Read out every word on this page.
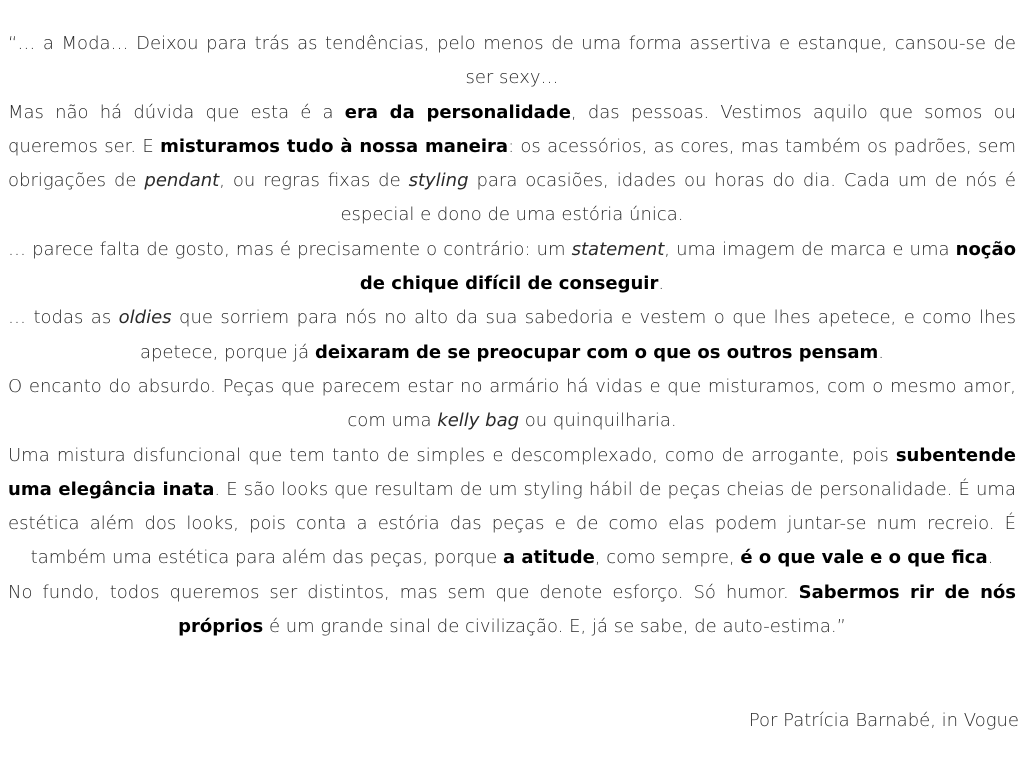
“… a Moda… Deixou para trás as tendências, pelo menos de uma forma assertiva e estanque, cansou-se de ser sexy…

Mas não há dúvida que esta é a era da personalidade, das pessoas. Vestimos aquilo que somos ou queremos ser. E misturamos tudo à nossa maneira: os acessórios, as cores, mas também os padrões, sem obrigações de pendant, ou regras fixas de styling para ocasiões, idades ou horas do dia. Cada um de nós é especial e dono de uma estória única.

… parece falta de gosto, mas é precisamente o contrário: um statement, uma imagem de marca e uma noção de chique difícil de conseguir.

… todas as oldies que sorriem para nós no alto da sua sabedoria e vestem o que lhes apetece, e como lhes apetece, porque já deixaram de se preocupar com o que os outros pensam.

O encanto do absurdo. Peças que parecem estar no armário há vidas e que misturamos, com o mesmo amor, com uma kelly bag ou quinquilharia.

Uma mistura disfuncional que tem tanto de simples e descomplexado, como de arrogante, pois subentende uma elegância inata. E são looks que resultam de um styling hábil de peças cheias de personalidade. É uma estética além dos looks, pois conta a estória das peças e de como elas podem juntar-se num recreio. É também uma estética para além das peças, porque a atitude, como sempre, é o que vale e o que fica.

No fundo, todos queremos ser distintos, mas sem que denote esforço. Só humor. Sabermos rir de nós próprios é um grande sinal de civilização. E, já se sabe, de auto-estima.”

Por Patrícia Barnabé, in Vogue
